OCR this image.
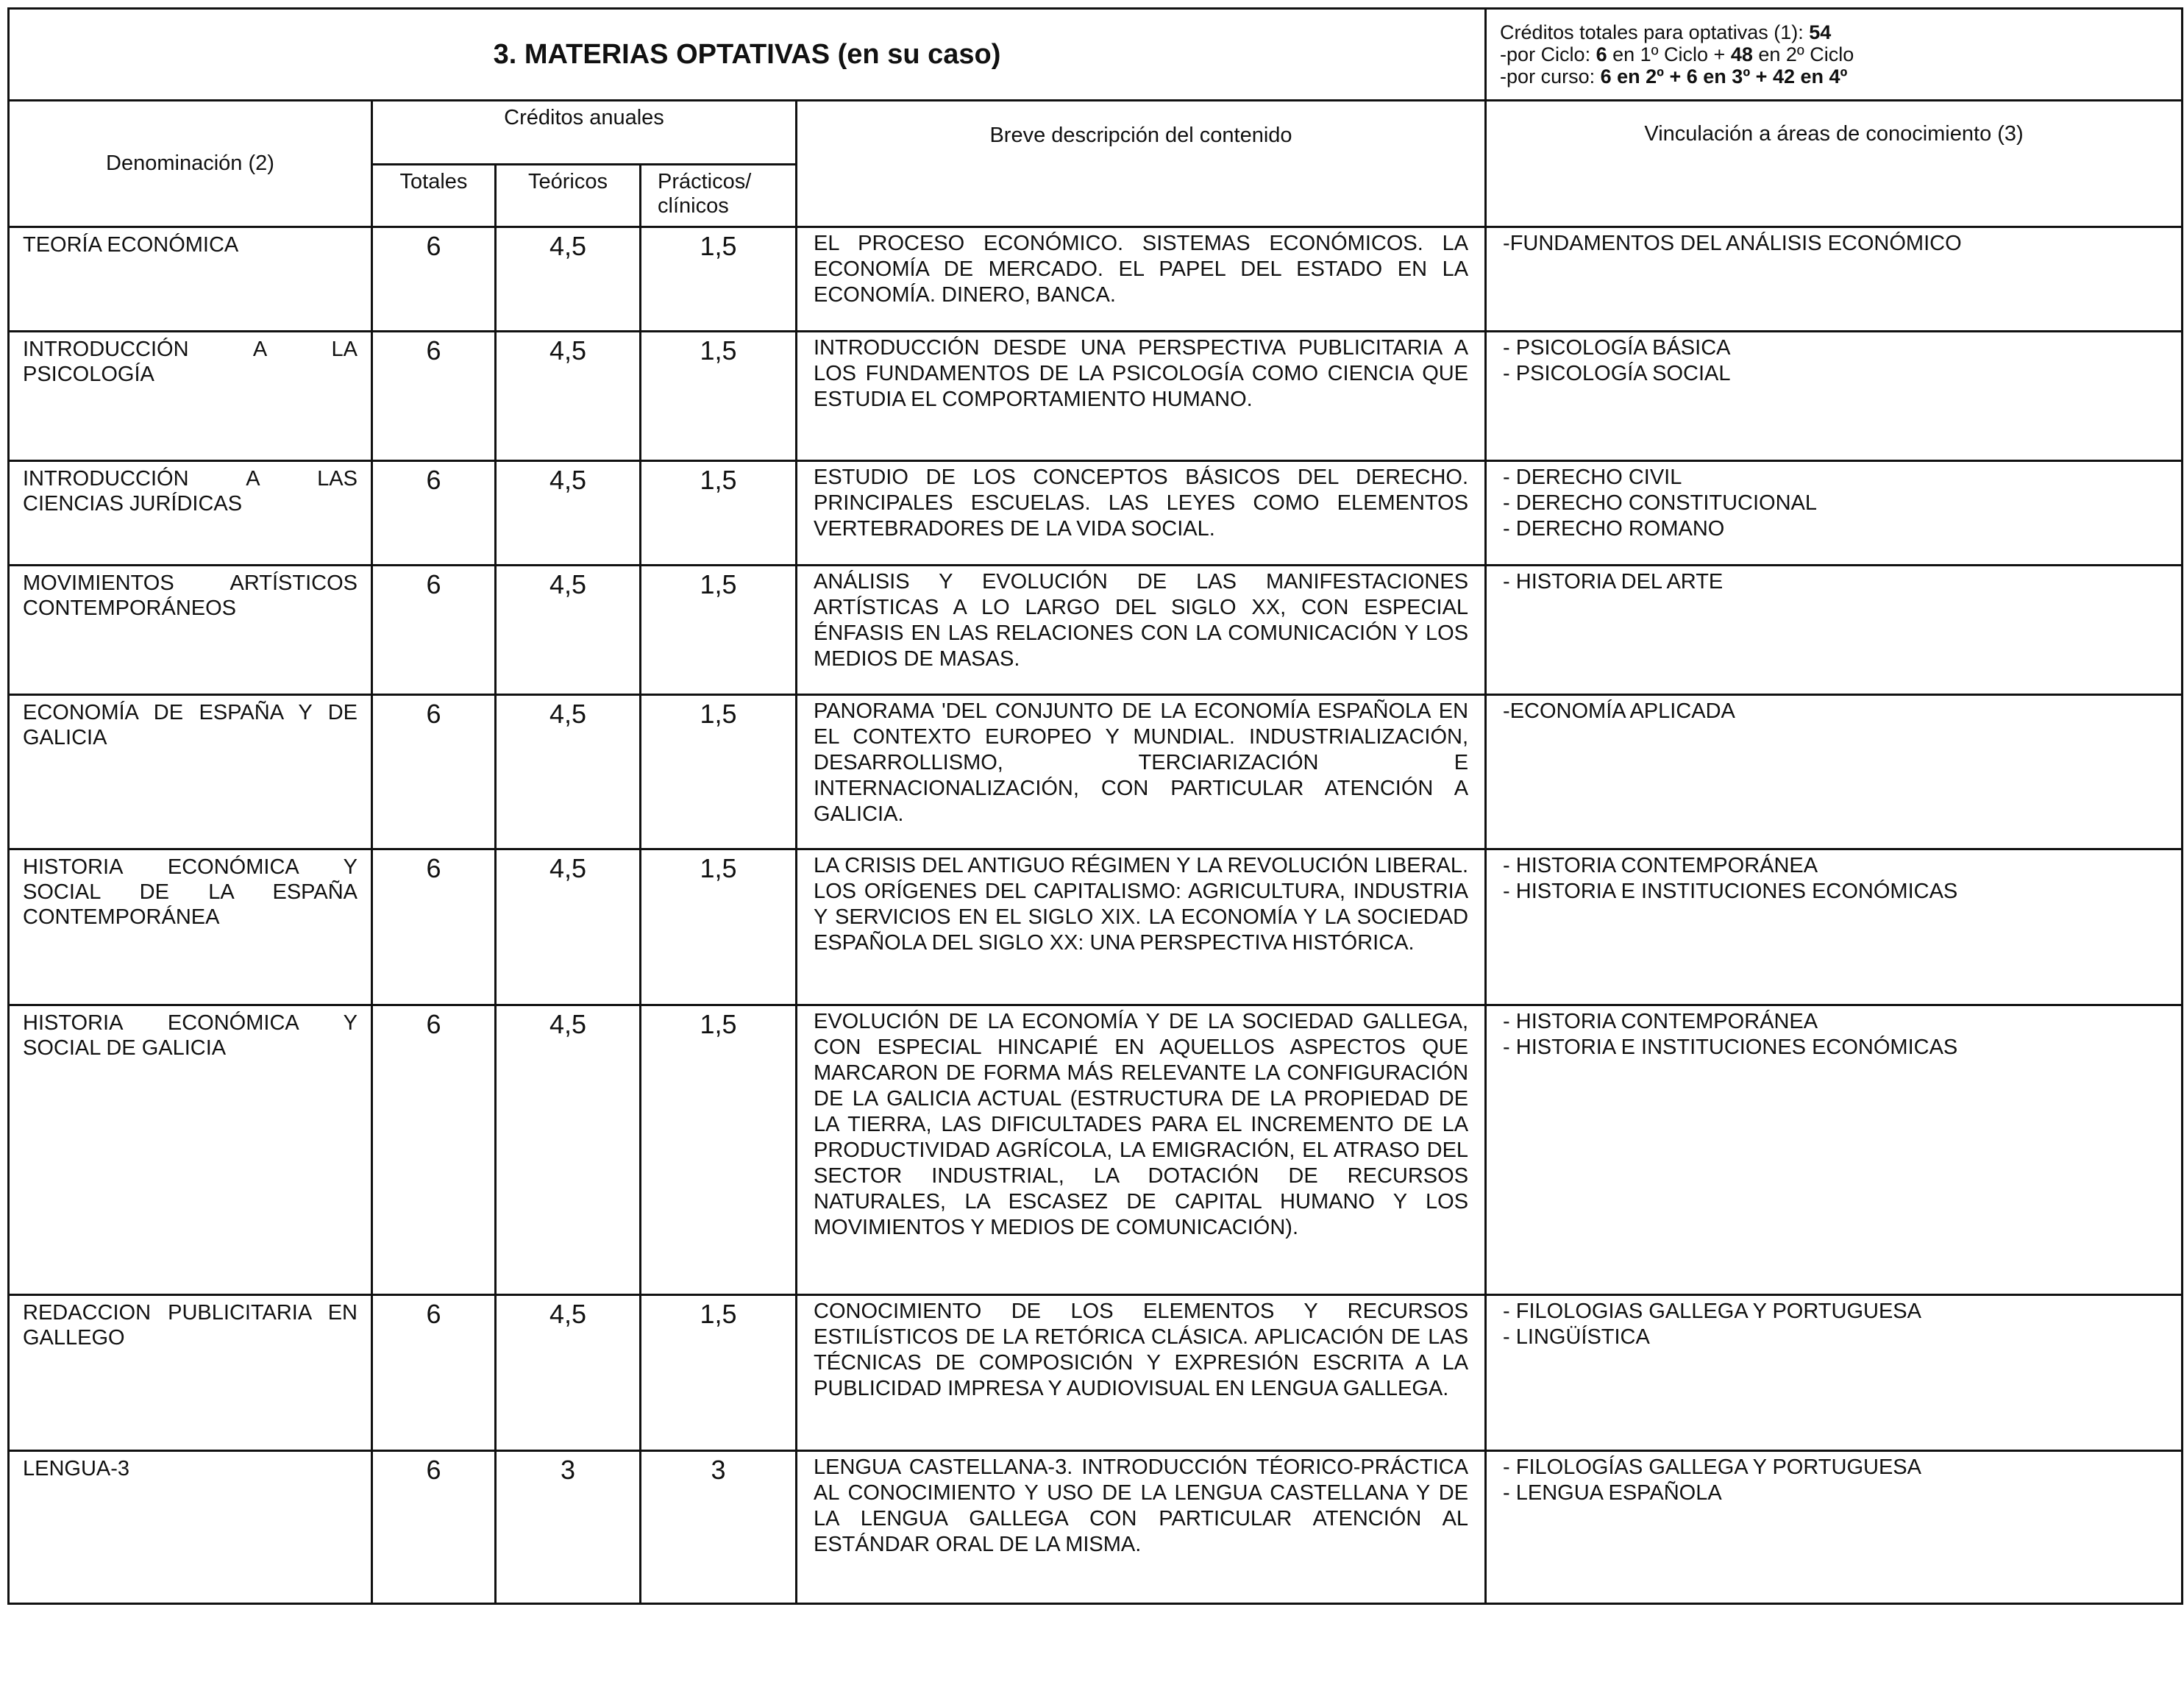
3. MATERIAS OPTATIVAS (en su caso)					Créditos totales para optativas (1): 54
-por Ciclo: 6 en 1º Ciclo + 48 en 2º Ciclo
-por curso: 6 en 2º + 6 en 3º + 42 en 4º

Denominación (2)	Créditos anuales			Breve descripción del contenido	Vinculación a áreas de conocimiento (3)
	Totales	Teóricos	Prácticos/ clínicos		
TEORÍA ECONÓMICA	6	4,5	1,5	EL PROCESO ECONÓMICO. SISTEMAS ECONÓMICOS. LA ECONOMÍA DE MERCADO. EL PAPEL DEL ESTADO EN LA ECONOMÍA. DINERO, BANCA.	-FUNDAMENTOS DEL ANÁLISIS ECONÓMICO

INTRODUCCIÓN A LA PSICOLOGÍA	6	4,5	1,5	INTRODUCCIÓN DESDE UNA PERSPECTIVA PUBLICITARIA A LOS FUNDAMENTOS DE LA PSICOLOGÍA COMO CIENCIA QUE ESTUDIA EL COMPORTAMIENTO HUMANO.	- PSICOLOGÍA BÁSICA
- PSICOLOGÍA SOCIAL

INTRODUCCIÓN A LAS CIENCIAS JURÍDICAS	6	4,5	1,5	ESTUDIO DE LOS CONCEPTOS BÁSICOS DEL DERECHO. PRINCIPALES ESCUELAS. LAS LEYES COMO ELEMENTOS VERTEBRADORES DE LA VIDA SOCIAL.	- DERECHO CIVIL
- DERECHO CONSTITUCIONAL
- DERECHO ROMANO

MOVIMIENTOS ARTÍSTICOS CONTEMPORÁNEOS	6	4,5	1,5	ANÁLISIS Y EVOLUCIÓN DE LAS MANIFESTACIONES ARTÍSTICAS A LO LARGO DEL SIGLO XX, CON ESPECIAL ÉNFASIS EN LAS RELACIONES CON LA COMUNICACIÓN Y LOS MEDIOS DE MASAS.	- HISTORIA DEL ARTE

ECONOMÍA DE ESPAÑA Y DE GALICIA	6	4,5	1,5	PANORAMA 'DEL CONJUNTO DE LA ECONOMÍA ESPAÑOLA EN EL CONTEXTO EUROPEO Y MUNDIAL. INDUSTRIALIZACIÓN, DESARROLLISMO, TERCIARIZACIÓN E INTERNACIONALIZACIÓN, CON PARTICULAR ATENCIÓN A GALICIA.	-ECONOMÍA APLICADA

HISTORIA ECONÓMICA Y SOCIAL DE LA ESPAÑA CONTEMPORÁNEA	6	4,5	1,5	LA CRISIS DEL ANTIGUO RÉGIMEN Y LA REVOLUCIÓN LIBERAL. LOS ORÍGENES DEL CAPITALISMO: AGRICULTURA, INDUSTRIA Y SERVICIOS EN EL SIGLO XIX. LA ECONOMÍA Y LA SOCIEDAD ESPAÑOLA DEL SIGLO XX: UNA PERSPECTIVA HISTÓRICA.	- HISTORIA CONTEMPORÁNEA
- HISTORIA E INSTITUCIONES ECONÓMICAS

HISTORIA ECONÓMICA Y SOCIAL DE GALICIA	6	4,5	1,5	EVOLUCIÓN DE LA ECONOMÍA Y DE LA SOCIEDAD GALLEGA, CON ESPECIAL HINCAPIÉ EN AQUELLOS ASPECTOS QUE MARCARON DE FORMA MÁS RELEVANTE LA CONFIGURACIÓN DE LA GALICIA ACTUAL (ESTRUCTURA DE LA PROPIEDAD DE LA TIERRA, LAS DIFICULTADES PARA EL INCREMENTO DE LA PRODUCTIVIDAD AGRÍCOLA, LA EMIGRACIÓN, EL ATRASO DEL SECTOR INDUSTRIAL, LA DOTACIÓN DE RECURSOS NATURALES, LA ESCASEZ DE CAPITAL HUMANO Y LOS MOVIMIENTOS Y MEDIOS DE COMUNICACIÓN).	- HISTORIA CONTEMPORÁNEA
- HISTORIA E INSTITUCIONES ECONÓMICAS

REDACCION PUBLICITARIA EN GALLEGO	6	4,5	1,5	CONOCIMIENTO DE LOS ELEMENTOS Y RECURSOS ESTILÍSTICOS DE LA RETÓRICA CLÁSICA. APLICACIÓN DE LAS TÉCNICAS DE COMPOSICIÓN Y EXPRESIÓN ESCRITA A LA PUBLICIDAD IMPRESA Y AUDIOVISUAL EN LENGUA GALLEGA.	- FILOLOGIAS GALLEGA Y PORTUGUESA
- LINGÜÍSTICA

LENGUA-3	6	3	3	LENGUA CASTELLANA-3. INTRODUCCIÓN TÉORICO-PRÁCTICA AL CONOCIMIENTO Y USO DE LA LENGUA CASTELLANA Y DE LA LENGUA GALLEGA CON PARTICULAR ATENCIÓN AL ESTÁNDAR ORAL DE LA MISMA.	- FILOLOGÍAS GALLEGA Y PORTUGUESA
- LENGUA ESPAÑOLA
